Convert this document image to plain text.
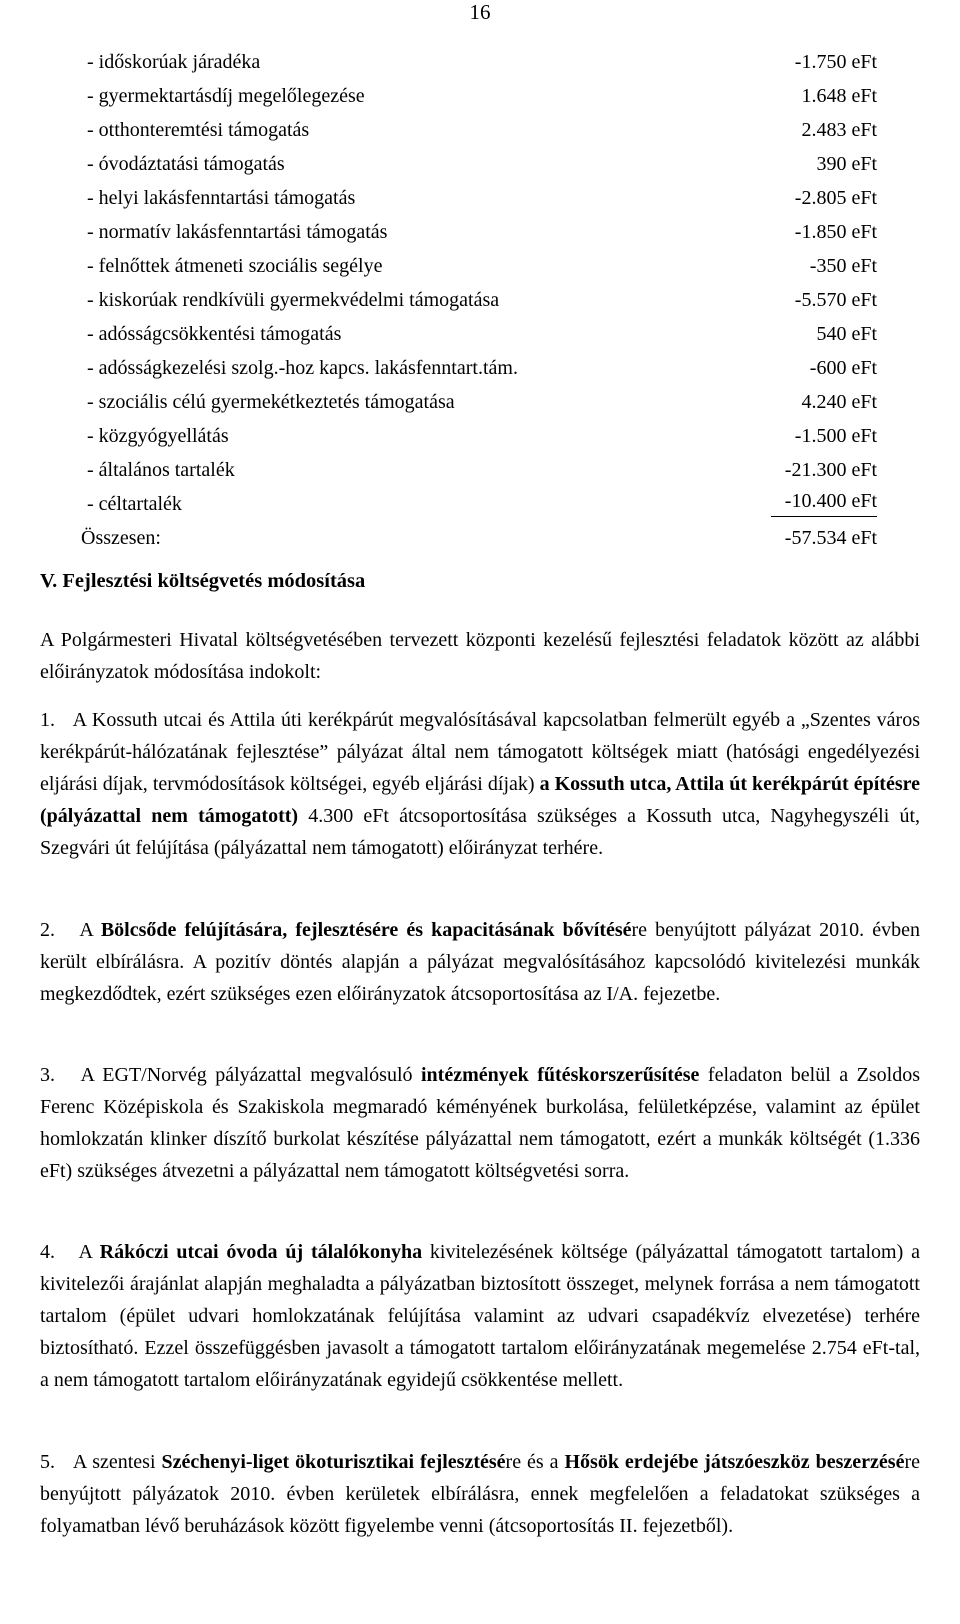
16
- időskorúak járadéka	-1.750 eFt
- gyermektartásdíj megelőlegezése	1.648 eFt
- otthonteremtési támogatás	2.483 eFt
- óvodáztatási támogatás	390 eFt
- helyi lakásfenntartási támogatás	-2.805 eFt
- normatív lakásfenntartási támogatás	-1.850 eFt
- felnőttek átmeneti szociális segélye	-350 eFt
- kiskorúak rendkívüli gyermekvédelmi támogatása	-5.570 eFt
- adósságcsökkentési támogatás	540 eFt
- adósságkezelési szolg.-hoz kapcs. lakásfenntart.tám.	-600 eFt
- szociális célú gyermekétkeztetés támogatása	4.240 eFt
- közgyógyellátás	-1.500 eFt
- általános tartalék	-21.300 eFt
- céltartalék	-10.400 eFt
Összesen:	-57.534 eFt
V. Fejlesztési költségvetés módosítása
A Polgármesteri Hivatal költségvetésében tervezett központi kezelésű fejlesztési feladatok között az alábbi előirányzatok módosítása indokolt:
1. A Kossuth utcai és Attila úti kerékpárút megvalósításával kapcsolatban felmerült egyéb a „Szentes város kerékpárút-hálózatának fejlesztése” pályázat által nem támogatott költségek miatt (hatósági engedélyezési eljárási díjak, tervmódosítások költségei, egyéb eljárási díjak) a Kossuth utca, Attila út kerékpárút építésre (pályázattal nem támogatott) 4.300 eFt átcsoportosítása szükséges a Kossuth utca, Nagyhegyszéli út, Szegvári út felújítása (pályázattal nem támogatott) előirányzat terhére.
2. A Bölcsőde felújítására, fejlesztésére és kapacitásának bővítésére benyújtott pályázat 2010. évben került elbírálásra. A pozitív döntés alapján a pályázat megvalósításához kapcsolódó kivitelezési munkák megkezdődtek, ezért szükséges ezen előirányzatok átcsoportosítása az I/A. fejezetbe.
3. A EGT/Norvég pályázattal megvalósuló intézmények fűtéskorszerűsítése feladaton belül a Zsoldos Ferenc Középiskola és Szakiskola megmaradó kéményének burkolása, felületképzése, valamint az épület homlokzatán klinker díszítő burkolat készítése pályázattal nem támogatott, ezért a munkák költségét (1.336 eFt) szükséges átvezetni a pályázattal nem támogatott költségvetési sorra.
4. A Rákóczi utcai óvoda új tálalókonyha kivitelezésének költsége (pályázattal támogatott tartalom) a kivitelezői árajánlat alapján meghaladta a pályázatban biztosított összeget, melynek forrása a nem támogatott tartalom (épület udvari homlokzatának felújítása valamint az udvari csapadékvíz elvezetése) terhére biztosítható. Ezzel összefüggésben javasolt a támogatott tartalom előirányzatának megemelése 2.754 eFt-tal, a nem támogatott tartalom előirányzatának egyidejű csökkentése mellett.
5. A szentesi Széchenyi-liget ökoturisztikai fejlesztésére és a Hősök erdejébe játszóeszköz beszerzésére benyújtott pályázatok 2010. évben kerületek elbírálásra, ennek megfelelően a feladatokat szükséges a folyamatban lévő beruházások között figyelembe venni (átcsoportosítás II. fejezetből).
